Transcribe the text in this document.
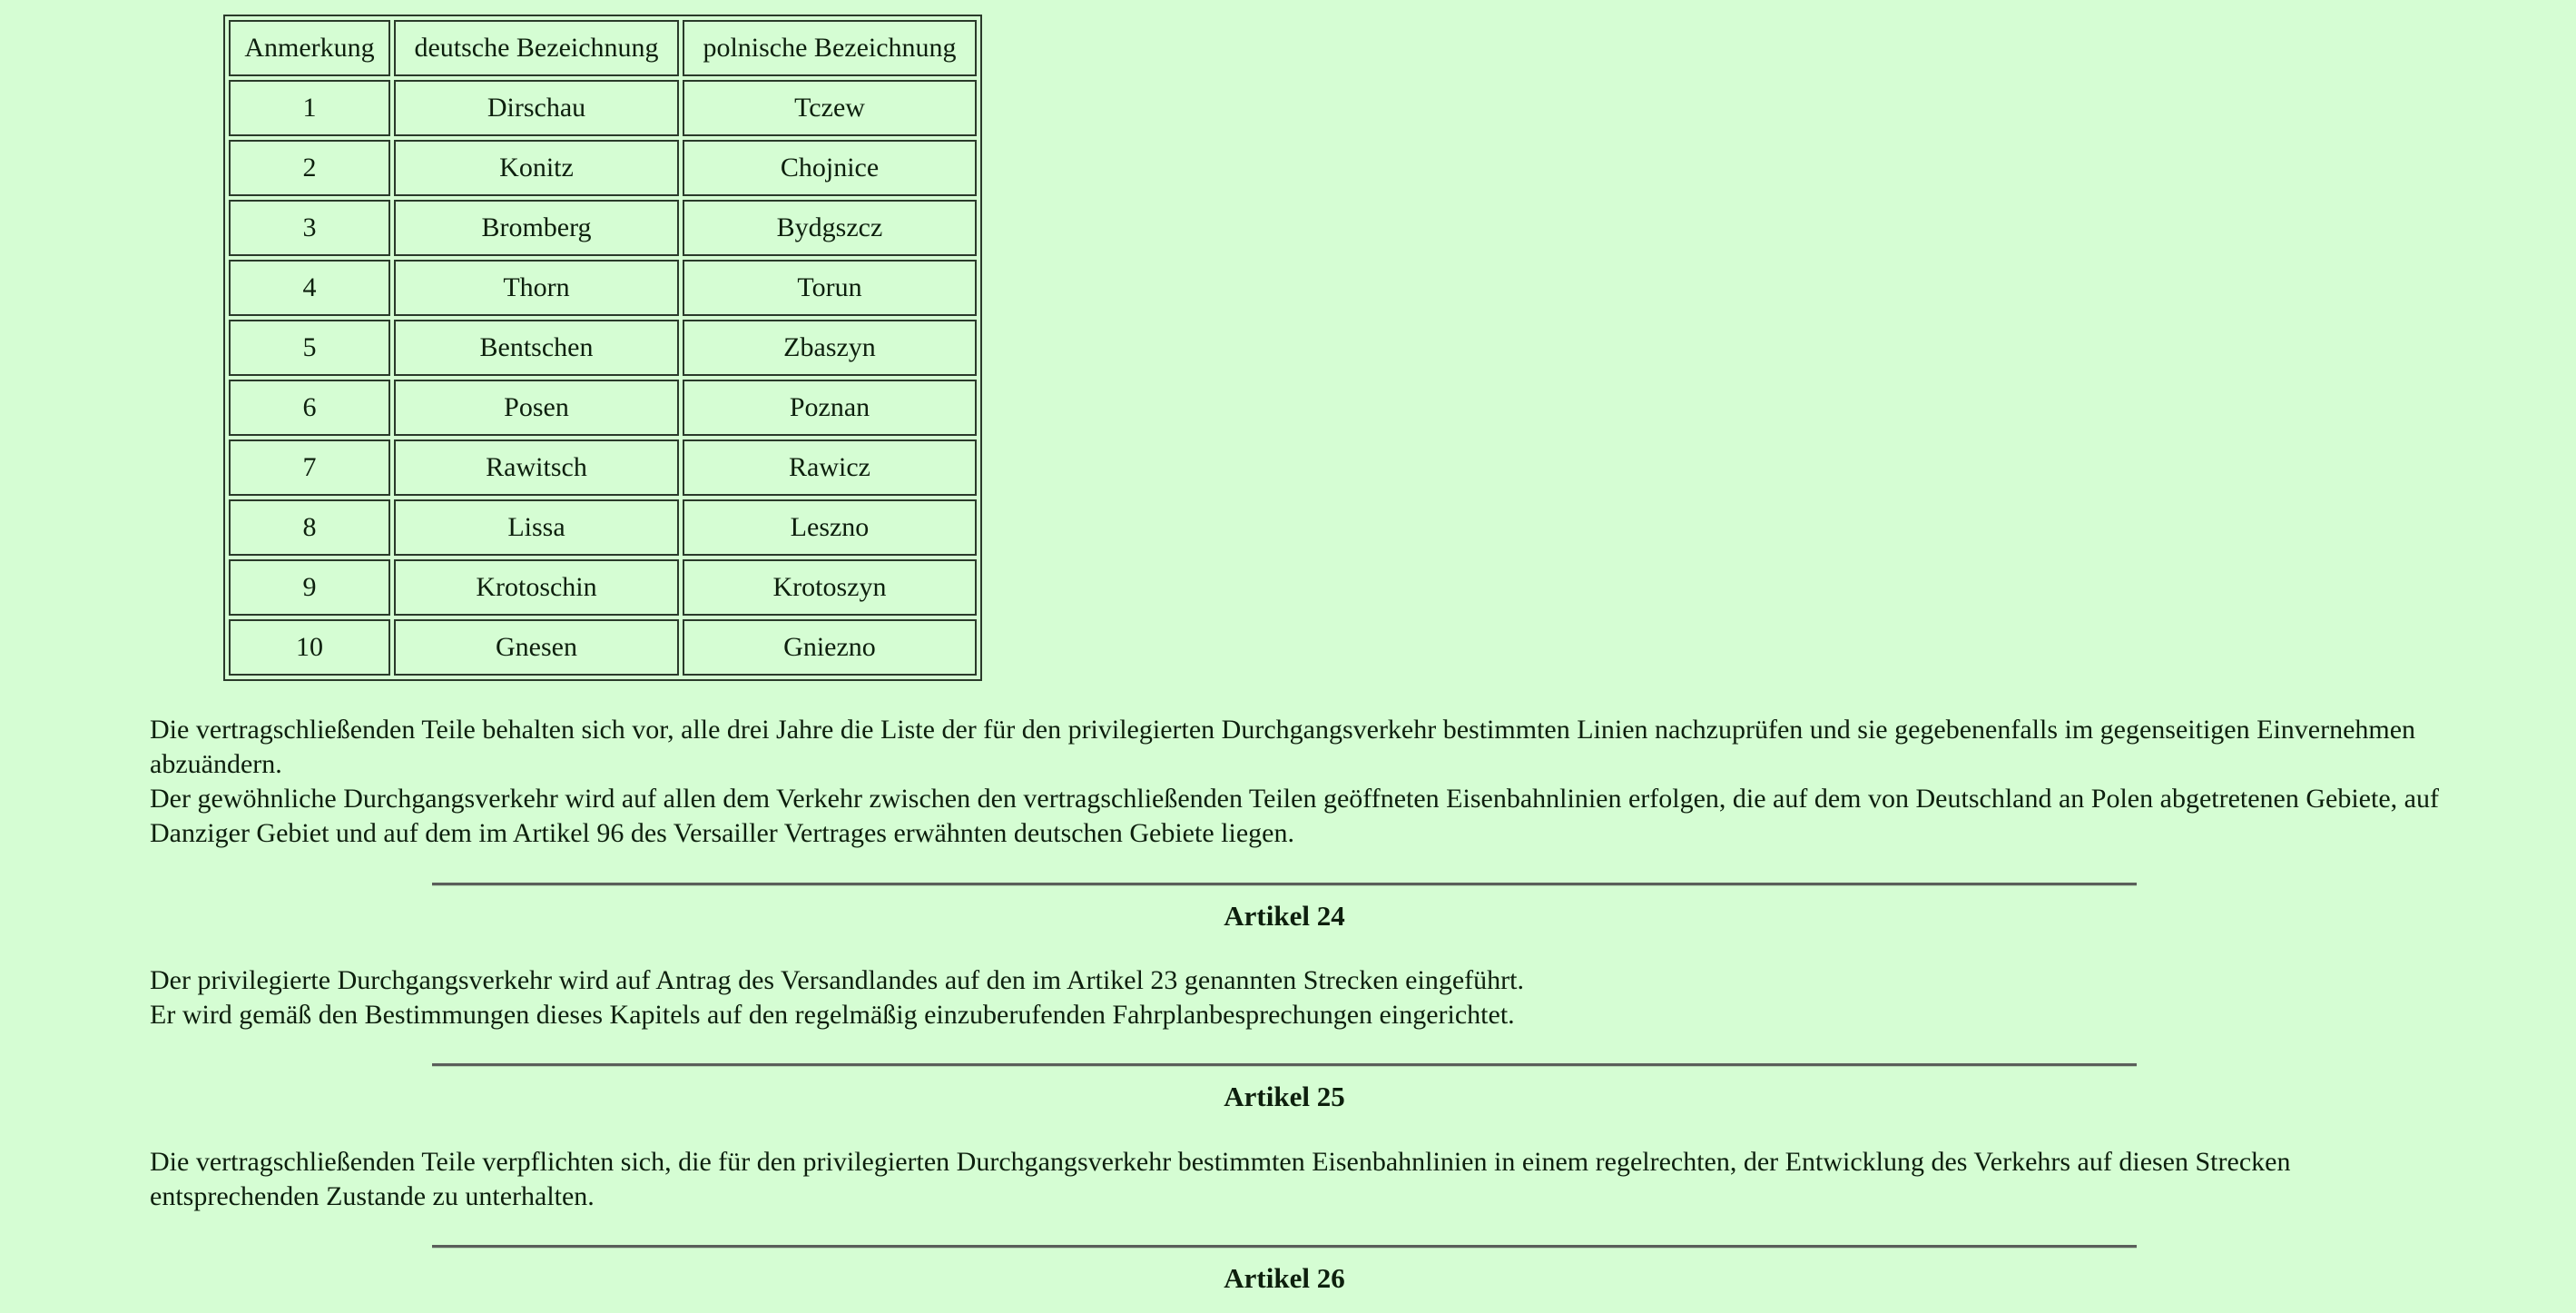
Anmerkung	deutsche Bezeichnung	polnische Bezeichnung
1	Dirschau	Tczew
2	Konitz	Chojnice
3	Bromberg	Bydgszcz
4	Thorn	Torun
5	Bentschen	Zbaszyn
6	Posen	Poznan
7	Rawitsch	Rawicz
8	Lissa	Leszno
9	Krotoschin	Krotoszyn
10	Gnesen	Gniezno

Die vertragschließenden Teile behalten sich vor, alle drei Jahre die Liste der für den privilegierten Durchgangsverkehr bestimmten Linien nachzuprüfen und sie gegebenenfalls im gegenseitigen Einvernehmen abzuändern.
Der gewöhnliche Durchgangsverkehr wird auf allen dem Verkehr zwischen den vertragschließenden Teilen geöffneten Eisenbahnlinien erfolgen, die auf dem von Deutschland an Polen abgetretenen Gebiete, auf Danziger Gebiet und auf dem im Artikel 96 des Versailler Vertrages erwähnten deutschen Gebiete liegen.

Artikel 24

Der privilegierte Durchgangsverkehr wird auf Antrag des Versandlandes auf den im Artikel 23 genannten Strecken eingeführt.
Er wird gemäß den Bestimmungen dieses Kapitels auf den regelmäßig einzuberufenden Fahrplanbesprechungen eingerichtet.

Artikel 25

Die vertragschließenden Teile verpflichten sich, die für den privilegierten Durchgangsverkehr bestimmten Eisenbahnlinien in einem regelrechten, der Entwicklung des Verkehrs auf diesen Strecken entsprechenden Zustande zu unterhalten.

Artikel 26
